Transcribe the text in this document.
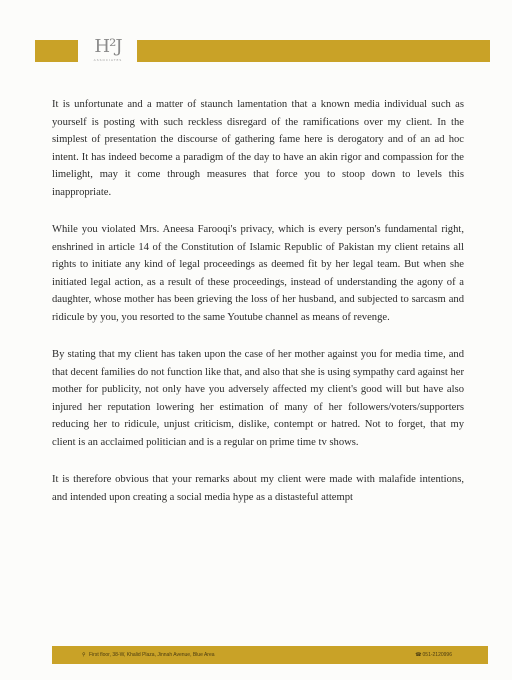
H²J
ASSOCIATES

It is unfortunate and a matter of staunch lamentation that a known media individual such as yourself is posting with such reckless disregard of the ramifications over my client. In the simplest of presentation the discourse of gathering fame here is derogatory and of an ad hoc intent. It has indeed become a paradigm of the day to have an akin rigor and compassion for the limelight, may it come through measures that force you to stoop down to levels this inappropriate.

While you violated Mrs. Aneesa Farooqi's privacy, which is every person's fundamental right, enshrined in article 14 of the Constitution of Islamic Republic of Pakistan my client retains all rights to initiate any kind of legal proceedings as deemed fit by her legal team. But when she initiated legal action, as a result of these proceedings, instead of understanding the agony of a daughter, whose mother has been grieving the loss of her husband, and subjected to sarcasm and ridicule by you, you resorted to the same Youtube channel as means of revenge.

By stating that my client has taken upon the case of her mother against you for media time, and that decent families do not function like that, and also that she is using sympathy card against her mother for publicity, not only have you adversely affected my client's good will but have also injured her reputation lowering her estimation of many of her followers/voters/supporters reducing her to ridicule, unjust criticism, dislike, contempt or hatred. Not to forget, that my client is an acclaimed politician and is a regular on prime time tv shows.

It is therefore obvious that your remarks about my client were made with malafide intentions, and intended upon creating a social media hype as a distasteful attempt

⚲ First floor, 38-W, Khalid Plaza, Jinnah Avenue, Blue Area	☎051-2120996
